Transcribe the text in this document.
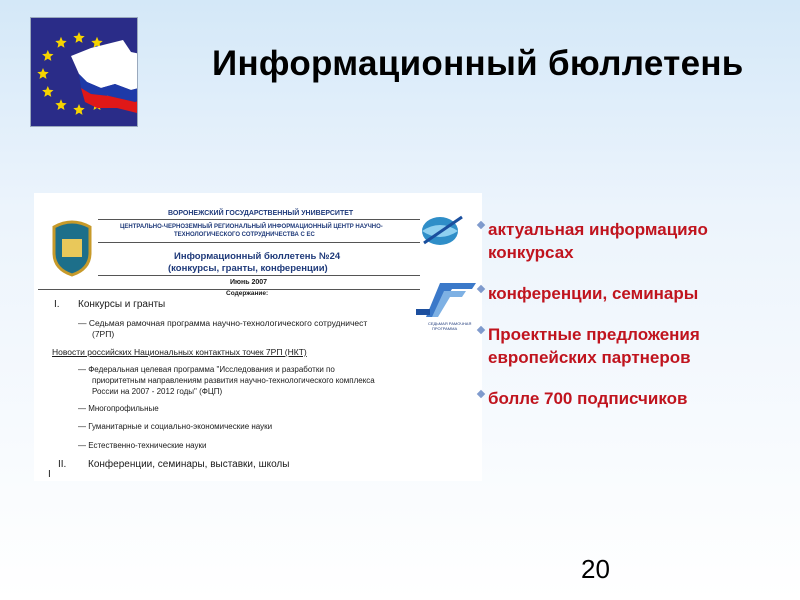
Информационный бюллетень
ВОРОНЕЖСКИЙ ГОСУДАРСТВЕННЫЙ УНИВЕРСИТЕТ
ЦЕНТРАЛЬНО-ЧЕРНОЗЕМНЫЙ РЕГИОНАЛЬНЫЙ ИНФОРМАЦИОННЫЙ ЦЕНТР НАУЧНО-
ТЕХНОЛОГИЧЕСКОГО СОТРУДНИЧЕСТВА С ЕС
Информационный бюллетень №24
(конкурсы, гранты, конференции)
Июнь 2007
Содержание:
I. Конкурсы и гранты
— Седьмая рамочная программа научно-технологического сотрудничест
(7РП)
Новости российских Национальных контактных точек 7РП (НКТ)
— Федеральная целевая программа "Исследования и разработки по
приоритетным направлениям развития научно-технологического комплекса
России на 2007 - 2012 годы" (ФЦП)
— Многопрофильные
— Гуманитарные и социально-экономические науки
— Естественно-технические науки
II. Конференции, семинары, выставки, школы
I
СЕДЬМАЯ РАМОЧНАЯ
ПРОГРАММА
актуальная информацияо
конкурсах
конференции, семинары
Проектные предложения
европейских партнеров
болле 700 подписчиков
20
